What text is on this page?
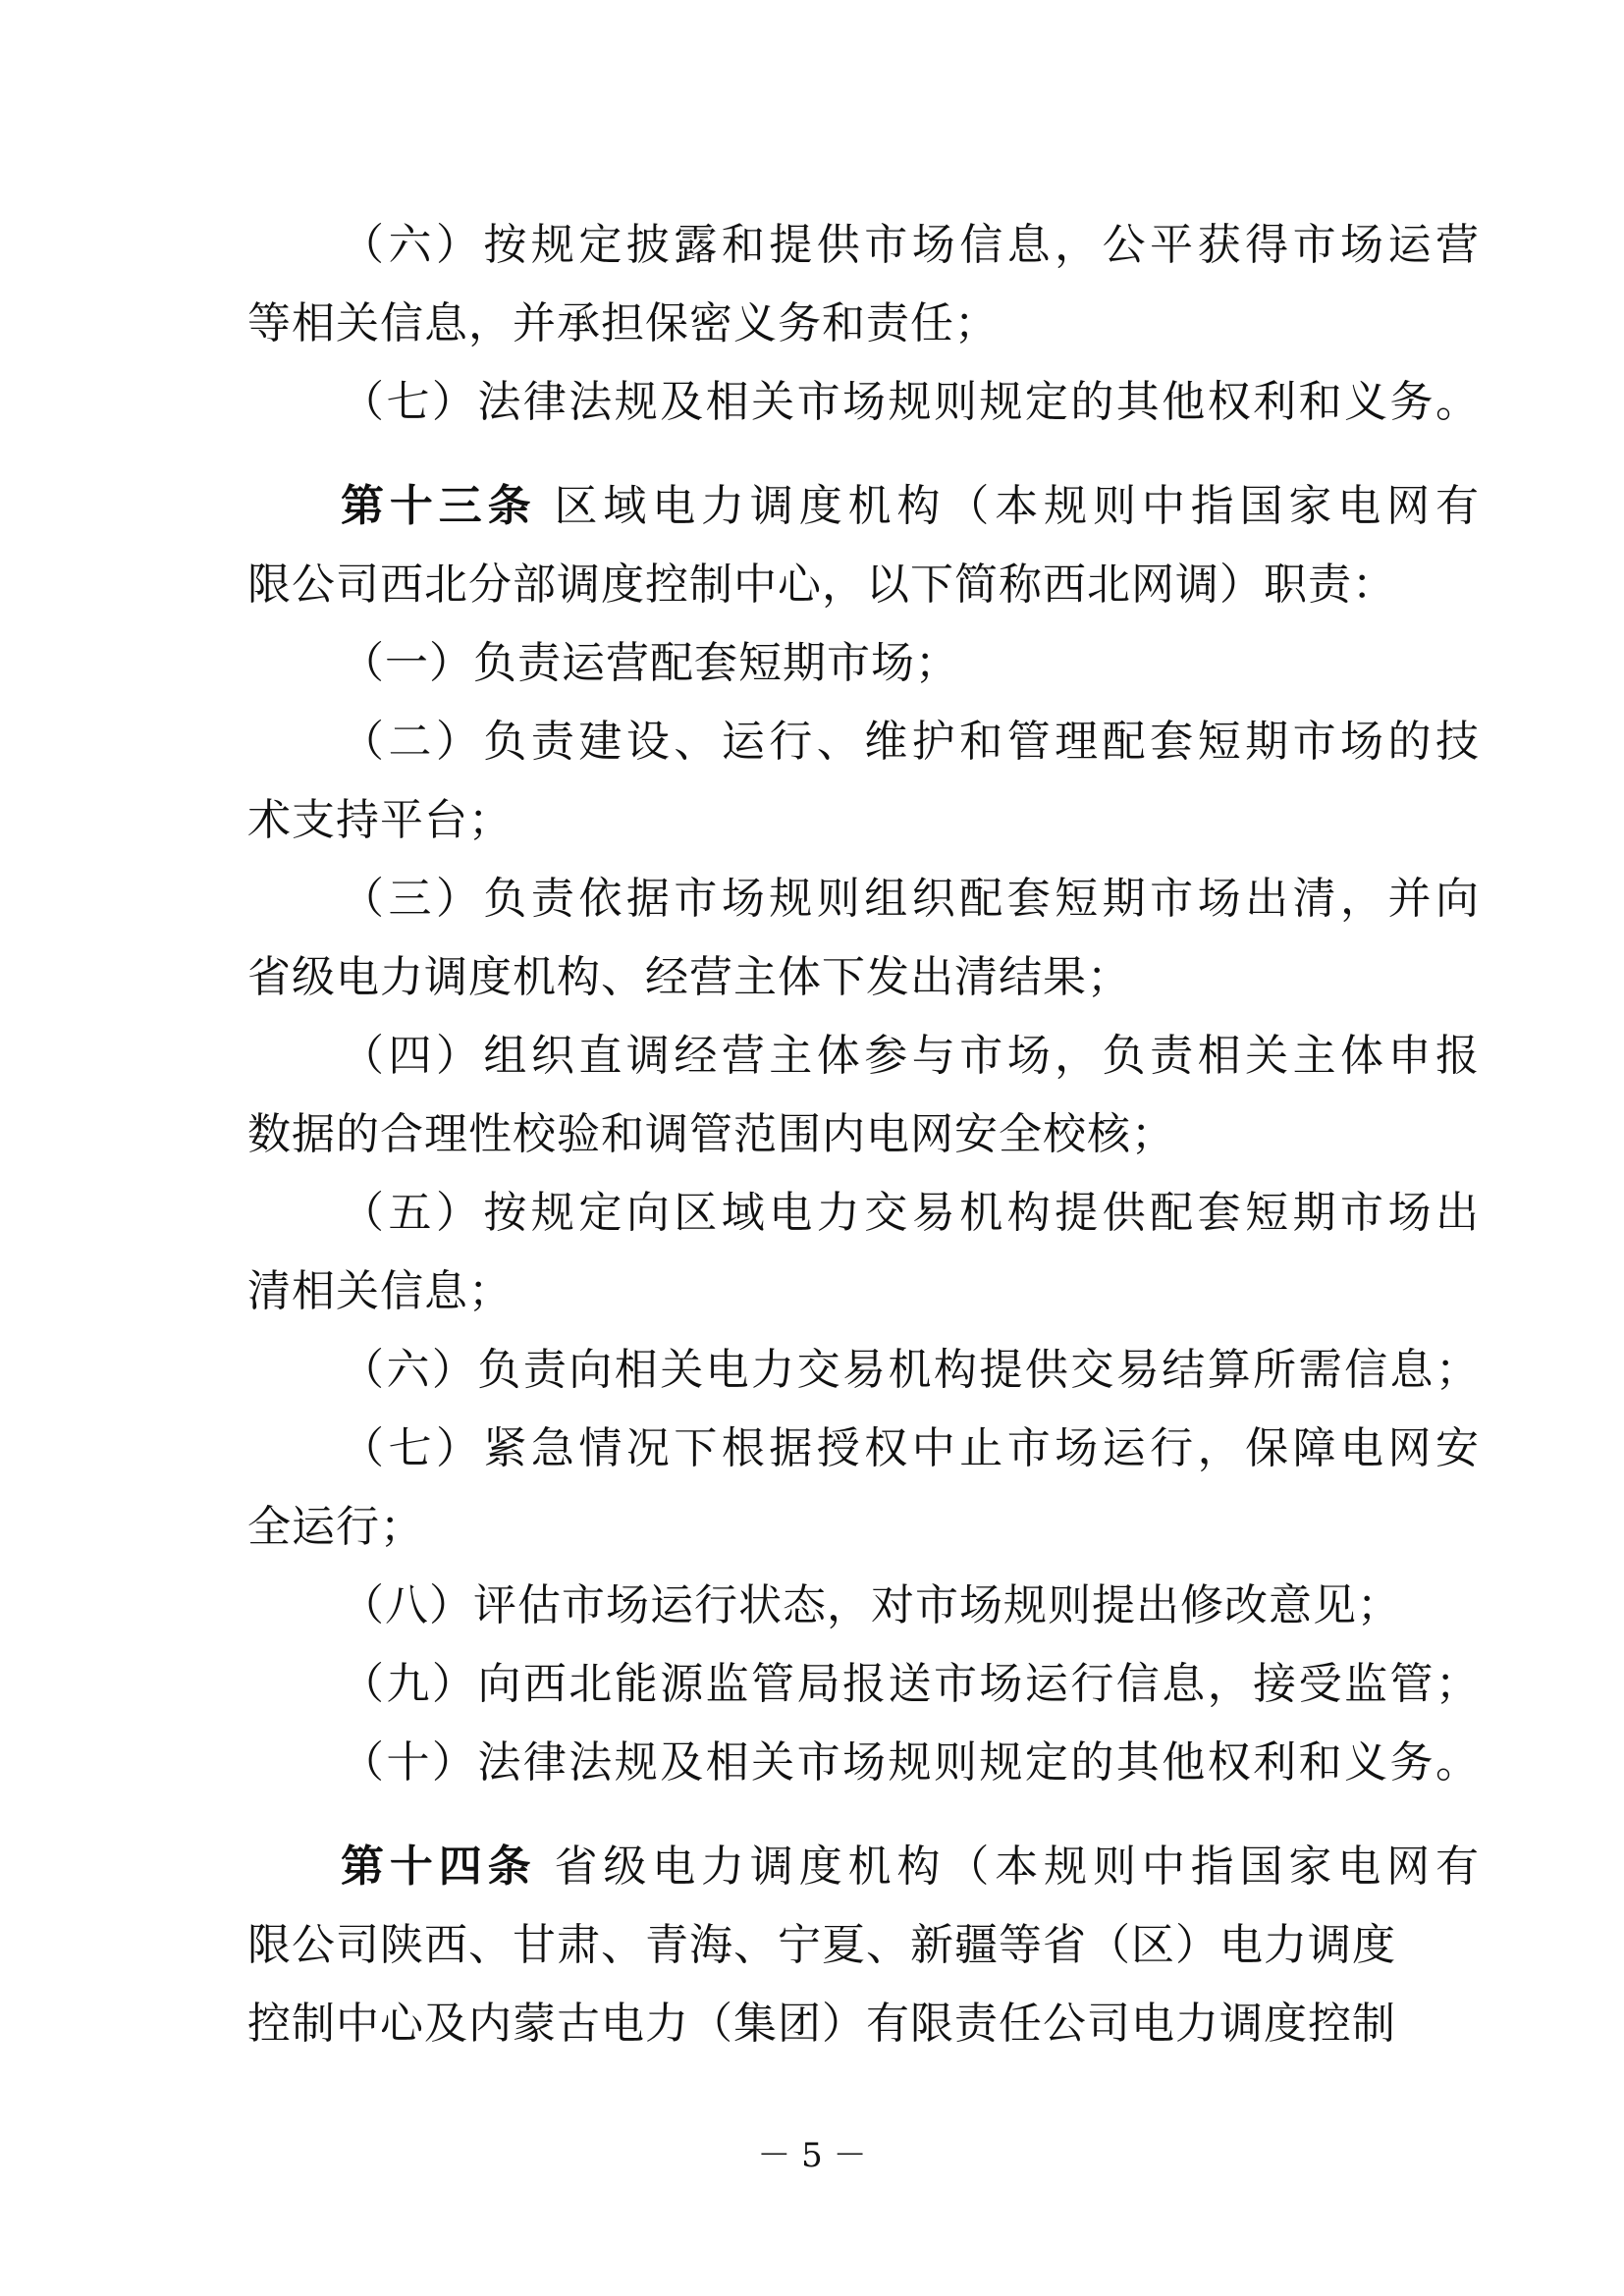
（六）按规定披露和提供市场信息，公平获得市场运营
等相关信息，并承担保密义务和责任；
（七）法律法规及相关市场规则规定的其他权利和义务。
第十三条 区域电力调度机构（本规则中指国家电网有
限公司西北分部调度控制中心，以下简称西北网调）职责：
（一）负责运营配套短期市场；
（二）负责建设、运行、维护和管理配套短期市场的技
术支持平台；
（三）负责依据市场规则组织配套短期市场出清，并向
省级电力调度机构、经营主体下发出清结果；
（四）组织直调经营主体参与市场，负责相关主体申报
数据的合理性校验和调管范围内电网安全校核；
（五）按规定向区域电力交易机构提供配套短期市场出
清相关信息；
（六）负责向相关电力交易机构提供交易结算所需信息；
（七）紧急情况下根据授权中止市场运行，保障电网安
全运行；
（八）评估市场运行状态，对市场规则提出修改意见；
（九）向西北能源监管局报送市场运行信息，接受监管；
（十）法律法规及相关市场规则规定的其他权利和义务。
第十四条 省级电力调度机构（本规则中指国家电网有
限公司陕西、甘肃、青海、宁夏、新疆等省（区）电力调度
控制中心及内蒙古电力（集团）有限责任公司电力调度控制
－ 5 －
